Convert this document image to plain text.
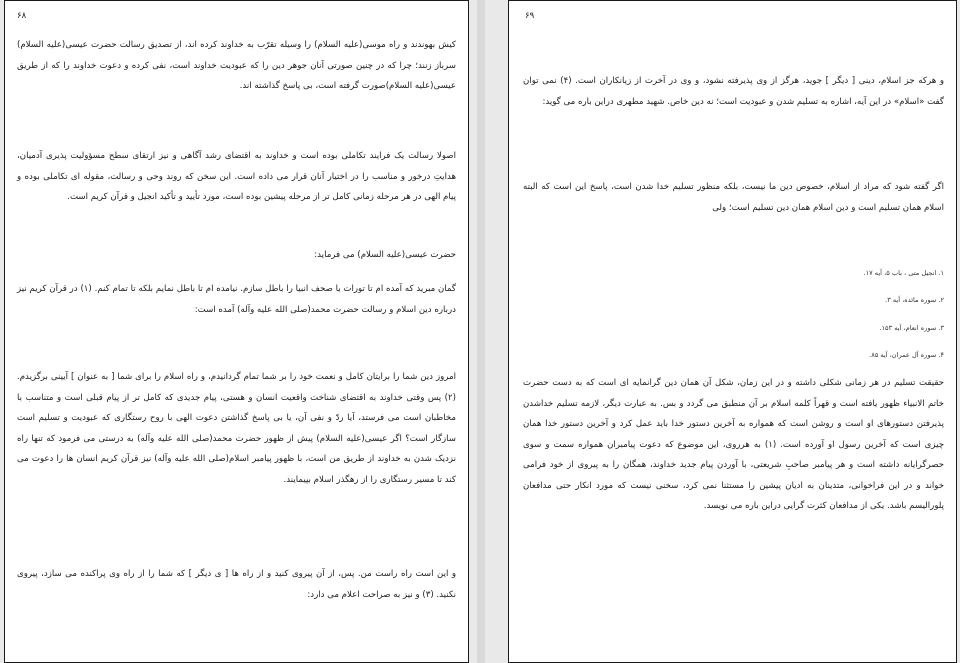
۶۸

کیش بهوندند و راه موسی(علیه السلام) را وسیله تقرّب به خداوند کرده اند، از تصدیق رسالت حضرت عیسی(علیه السلام) سرباز زنند؛ چرا که در چنین صورتی آنان جوهر دین را که عبودیت خداوند است، نفی کرده و دعوت خداوند را که از طریق عیسی(علیه السلام)صورت گرفته است، بی پاسخ گذاشته اند.

اصولا رسالت یک فرایند تکاملی بوده است و خداوند به اقتضای رشد آگاهی و نیز ارتقای سطح مسؤولیت پذیری آدمیان، هدایتِ درخور و مناسب را در اختیار آنان قرار می داده است. این سخن که روند وحی و رسالت، مقوله ای تکاملی بوده و پیام الهی در هر مرحله زمانی کامل تر از مرحله پیشین بوده است، مورد تأیید و تأکید انجیل و قرآن کریم است.

حضرت عیسی(علیه السلام) می فرماید:

گمان مبرید که آمده ام تا تورات یا صحف انبیا را باطل سازم. نیامده ام تا باطل نمایم بلکه تا تمام کنم. (۱) در قرآن کریم نیز درباره دین اسلام و رسالت حضرت محمد(صلی الله علیه وآله) آمده است:

امروز دین شما را برایتان کامل و نعمت خود را بر شما تمام گردانیدم، و راه اسلام را برای شما [ به عنوان ] آیینی برگزیدم. (۲) پس وقتی خداوند به اقتضای شناخت واقعیت انسان و هستی، پیام جدیدی که کامل تر از پیام قبلی است و متناسب با مخاطبان است می فرستد، آیا ردّ و نفی آن، یا بی پاسخ گذاشتن دعوت الهی با روح رستگاری که عبودیت و تسلیم است سازگار است؟ اگر عیسی(علیه السلام) پیش از ظهور حضرت محمد(صلی الله علیه وآله) به درستی می فرمود که تنها راه نزدیک شدن به خداوند از طریق من است، با ظهور پیامبر اسلام(صلی الله علیه وآله) نیز قرآن کریم انسان ها را دعوت می کند تا مسیر رستگاری را از رهگذر اسلام بپیمایند.

و این است راه راست من. پس، از آن پیروی کنید و از راه ها [ ی دیگر ] که شما را از راه وی پراکنده می سازد، پیروی نکنید. (۳) و نیز به صراحت اعلام می دارد:

۶۹

و هرکه جز اسلام، دینی [ دیگر ] جوید، هرگز از وی پذیرفته نشود، و وی در آخرت از زیانکاران است. (۴) نمی توان گفت «اسلام» در این آیه، اشاره به تسلیم شدن و عبودیت است؛ نه دین خاص. شهید مطهری دراین باره می گوید:

اگر گفته شود که مراد از اسلام، خصوص دین ما نیست، بلکه منظور تسلیم خدا شدن است، پاسخ این است که البته اسلام همان تسلیم است و دین اسلام همان دین تسلیم است؛ ولی

۱. انجیل متی ، باب ۵، آیه ۱۷.

۲. سوره مائده، آیه ۳.

۳. سوره انعام، آیه ۱۵۳.

۴. سوره آل عمران، آیه ۸۵.

حقیقت تسلیم در هر زمانی شکلی داشته و در این زمان، شکل آن همان دین گرانمایه ای است که به دست حضرت خاتم الانبیاء ظهور یافته است و قهراً کلمه اسلام بر آن منطبق می گردد و بس. به عبارت دیگر، لازمه تسلیم خداشدن پذیرفتن دستورهای او است و روشن است که همواره به آخرین دستور خدا باید عمل کرد و آخرین دستور خدا همان چیزی است که آخرین رسول او آورده است. (۱) به هرروی، این موضوع که دعوت پیامبران همواره سمت و سوی حصرگرایانه داشته است و هر پیامبر صاحبِ شریعتی، با آوردن پیام جدید خداوند، همگان را به پیروی از خود فرامی خواند و در این فراخوانی، متدینان به ادیان پیشین را مستثنا نمی کرد، سخنی نیست که مورد انکار حتی مدافعان پلورالیسم باشد. یکی از مدافعان کثرت گرایی دراین باره می نویسد.
